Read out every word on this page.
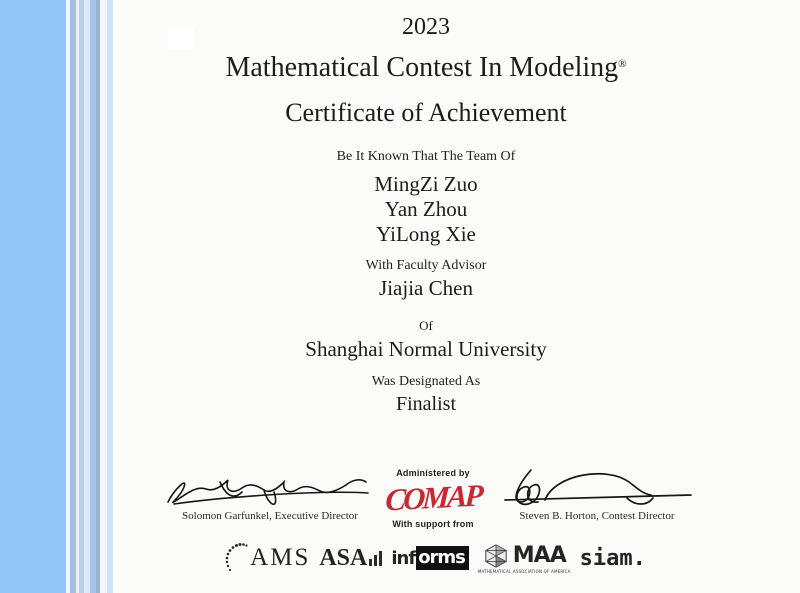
2023
Mathematical Contest In Modeling®
Certificate of Achievement
Be It Known That The Team Of
MingZi Zuo
Yan Zhou
YiLong Xie
With Faculty Advisor
Jiajia Chen
Of
Shanghai Normal University
Was Designated As
Finalist
Solomon Garfunkel, Executive Director
Administered by
COMAP
With support from
Steven B. Horton, Contest Director
AMS ASA inf orms MAA
MATHEMATICAL ASSOCIATION OF AMERICA
siam.
